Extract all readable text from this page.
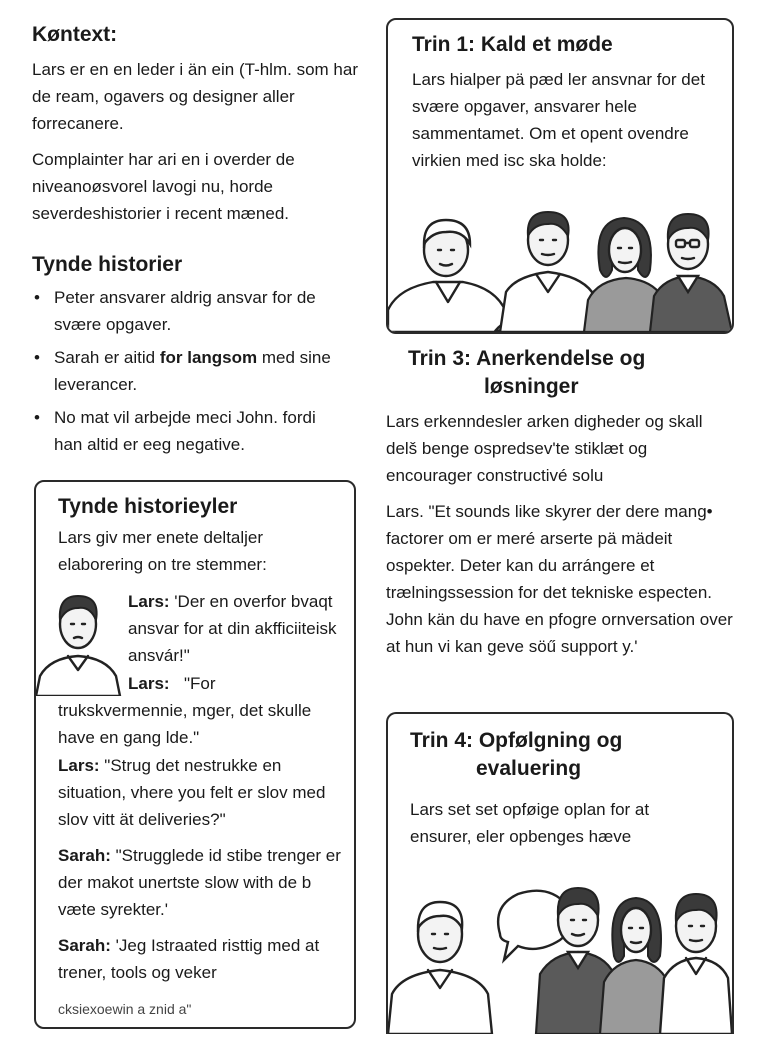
Køntext:
Lars er en en leder i än ein (T-hlm. som har de ream, ogavers og designer aller forrecanere.
Complainter har ari en i overder de niveanoøsvorel lavogi nu, horde severdeshistorier i recent mæned.
Tynde historier
• Peter ansvarer aldrig ansvar for de svære opgaver.
• Sarah er aitid for langsom med sine leverancer.
• No mat vil arbejde meci John. fordi han altid er eeg negative.
Trin 1: Kald et møde
Lars hialper pä pæd ler ansvnar for det svære opgaver, ansvarer hele sammentamet. Om et opent ovendre virkien med isc ska holde:
Tynde historieyler
Lars giv mer enete deltaljer elaborering on tre stemmer:
Lars: 'Der en overfor bvaqt ansvar for at din akfficiiteisk ansvár!"
Lars: "For trukskvermennie, mger, det skulle have en gang lde."
Lars: "Strug det nestrukke en situation, vhere you felt er slov med slov vitt ät deliveries?"
Sarah: "Strugglede id stibe trenger er der makot unertste slow with de b væte syrekter.'
Sarah: 'Jeg Istraated risttig med at trener, tools og veker
cksiexoewin a znid a"
Trin 3: Anerkendelse og
løsninger
Lars erkenndesler arken digheder og skall delš benge ospredsev'te stiklæt og encourager constructivé solu
Lars. "Et sounds like skyrer der dere mang• factorer om er meré arserte pä mädeit ospekter. Deter kan du arrángere et trælningssession for det tekniske especten. John kän du have en pfogre ornversation over at hun vi kan geve söű support y.'
Trin 4: Opfølgning og
evaluering
Lars set set opføige oplan for at ensurer, eler opbenges hæve
